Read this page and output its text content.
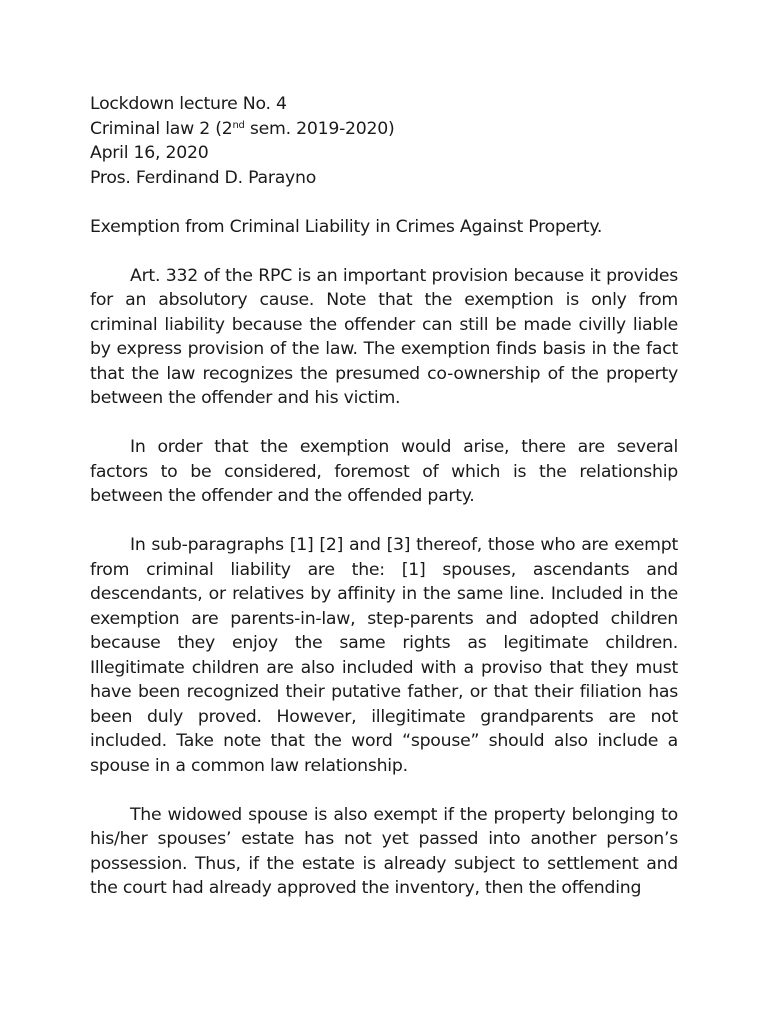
Lockdown lecture No. 4
Criminal law 2 (2nd sem. 2019-2020)
April 16, 2020
Pros. Ferdinand D. Parayno
Exemption from Criminal Liability in Crimes Against Property.

Art. 332 of the RPC is an important provision because it provides for an absolutory cause. Note that the exemption is only from criminal liability because the offender can still be made civilly liable by express provision of the law. The exemption finds basis in the fact that the law recognizes the presumed co-ownership of the property between the offender and his victim.

In order that the exemption would arise, there are several factors to be considered, foremost of which is the relationship between the offender and the offended party.

In sub-paragraphs [1] [2] and [3] thereof, those who are exempt from criminal liability are the: [1] spouses, ascendants and descendants, or relatives by affinity in the same line. Included in the exemption are parents-in-law, step-parents and adopted children because they enjoy the same rights as legitimate children. Illegitimate children are also included with a proviso that they must have been recognized their putative father, or that their filiation has been duly proved. However, illegitimate grandparents are not included. Take note that the word “spouse” should also include a spouse in a common law relationship.

The widowed spouse is also exempt if the property belonging to his/her spouses’ estate has not yet passed into another person’s possession. Thus, if the estate is already subject to settlement and the court had already approved the inventory, then the offending
